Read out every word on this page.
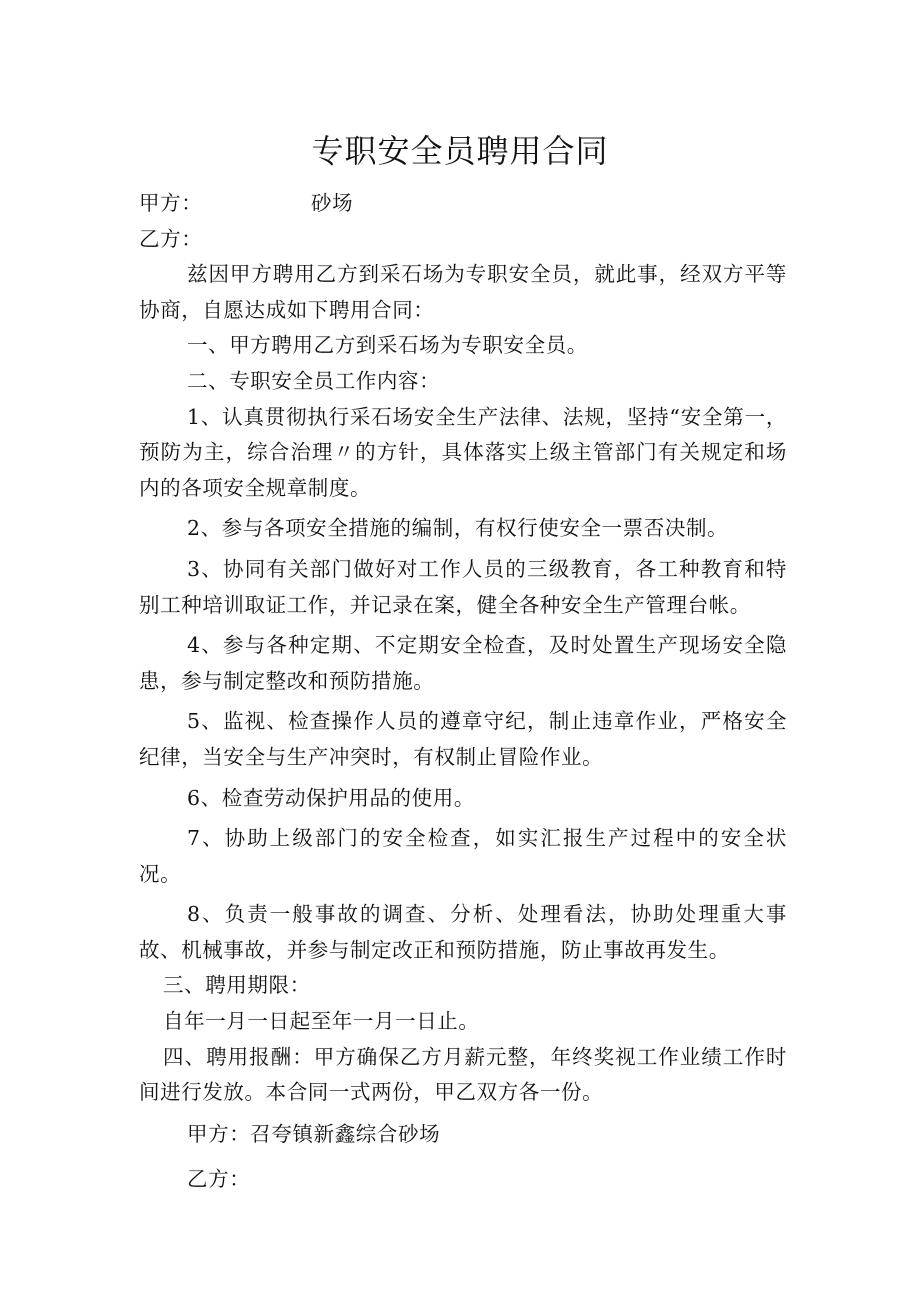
专职安全员聘用合同
甲方：	砂场
乙方：

兹因甲方聘用乙方到采石场为专职安全员，就此事，经双方平等协商，自愿达成如下聘用合同：

一、甲方聘用乙方到采石场为专职安全员。

二、专职安全员工作内容：

1、认真贯彻执行采石场安全生产法律、法规，坚持“安全第一，预防为主，综合治理〃的方针，具体落实上级主管部门有关规定和场内的各项安全规章制度。

2、参与各项安全措施的编制，有权行使安全一票否决制。

3、协同有关部门做好对工作人员的三级教育，各工种教育和特别工种培训取证工作，并记录在案，健全各种安全生产管理台帐。

4、参与各种定期、不定期安全检查，及时处置生产现场安全隐患，参与制定整改和预防措施。

5、监视、检查操作人员的遵章守纪，制止违章作业，严格安全纪律，当安全与生产冲突时，有权制止冒险作业。

6、检查劳动保护用品的使用。

7、协助上级部门的安全检查，如实汇报生产过程中的安全状况。

8、负责一般事故的调查、分析、处理看法，协助处理重大事故、机械事故，并参与制定改正和预防措施，防止事故再发生。

三、聘用期限：

自年一月一日起至年一月一日止。

四、聘用报酬：甲方确保乙方月薪元整，年终奖视工作业绩工作时间进行发放。本合同一式两份，甲乙双方各一份。

甲方：召夸镇新鑫综合砂场

乙方：
